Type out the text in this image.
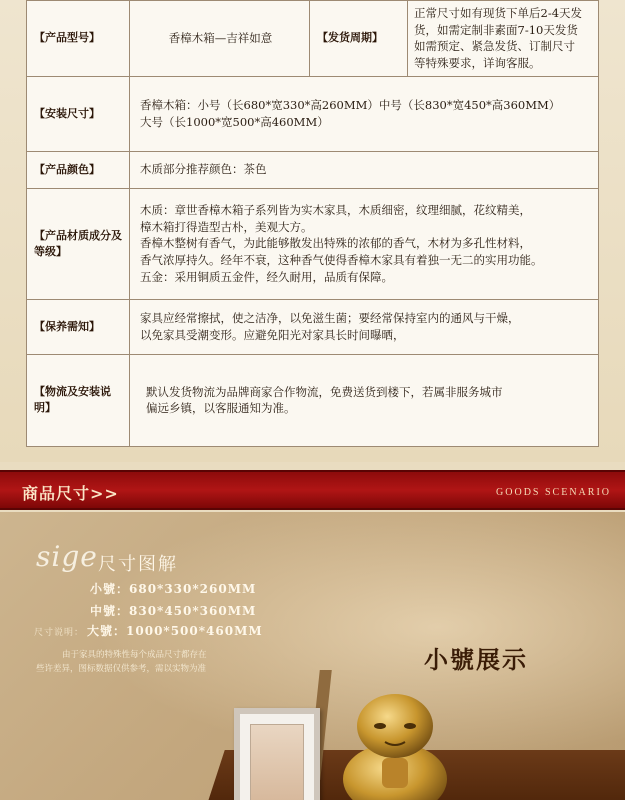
【产品型号】	香樟木箱—吉祥如意	【发货周期】	正常尺寸如有现货下单后2-4天发
货，如需定制非素面7-10天发货
如需预定、紧急发货、订制尺寸
等特殊要求，详询客服。

【安装尺寸】	香樟木箱：小号（长680*宽330*高260MM）中号（长830*宽450*高360MM）
大号（长1000*宽500*高460MM）		

【产品颜色】	木质部分推荐颜色：茶色		

【产品材质成分及等级】	木质：章世香樟木箱子系列皆为实木家具，木质细密，纹理细腻，花纹精美，
樟木箱打得造型古朴，美观大方。
香樟木整树有香气，为此能够散发出特殊的浓郁的香气，木材为多孔性材料，
香气浓厚持久。经年不衰，这种香气使得香樟木家具有着独一无二的实用功能。
五金：采用铜质五金件，经久耐用，品质有保障。		

【保养需知】	家具应经常擦拭，使之洁净，以免滋生菌；要经常保持室内的通风与干燥，
以免家具受潮变形。应避免阳光对家具长时间曝晒，		

【物流及安装说明】	默认发货物流为品牌商家合作物流，免费送货到楼下，若属非服务城市
偏远乡镇，以客服通知为准。		
商品尺寸>>	GOODS SCENARIO
sige 尺寸图解
小號：680*330*260MM
中號：830*450*360MM
尺寸说明： 大號：1000*500*460MM
由于家具的特殊性每个成品尺寸都存在
些许差异，图标数据仅供参考，需以实物为准	小號展示
